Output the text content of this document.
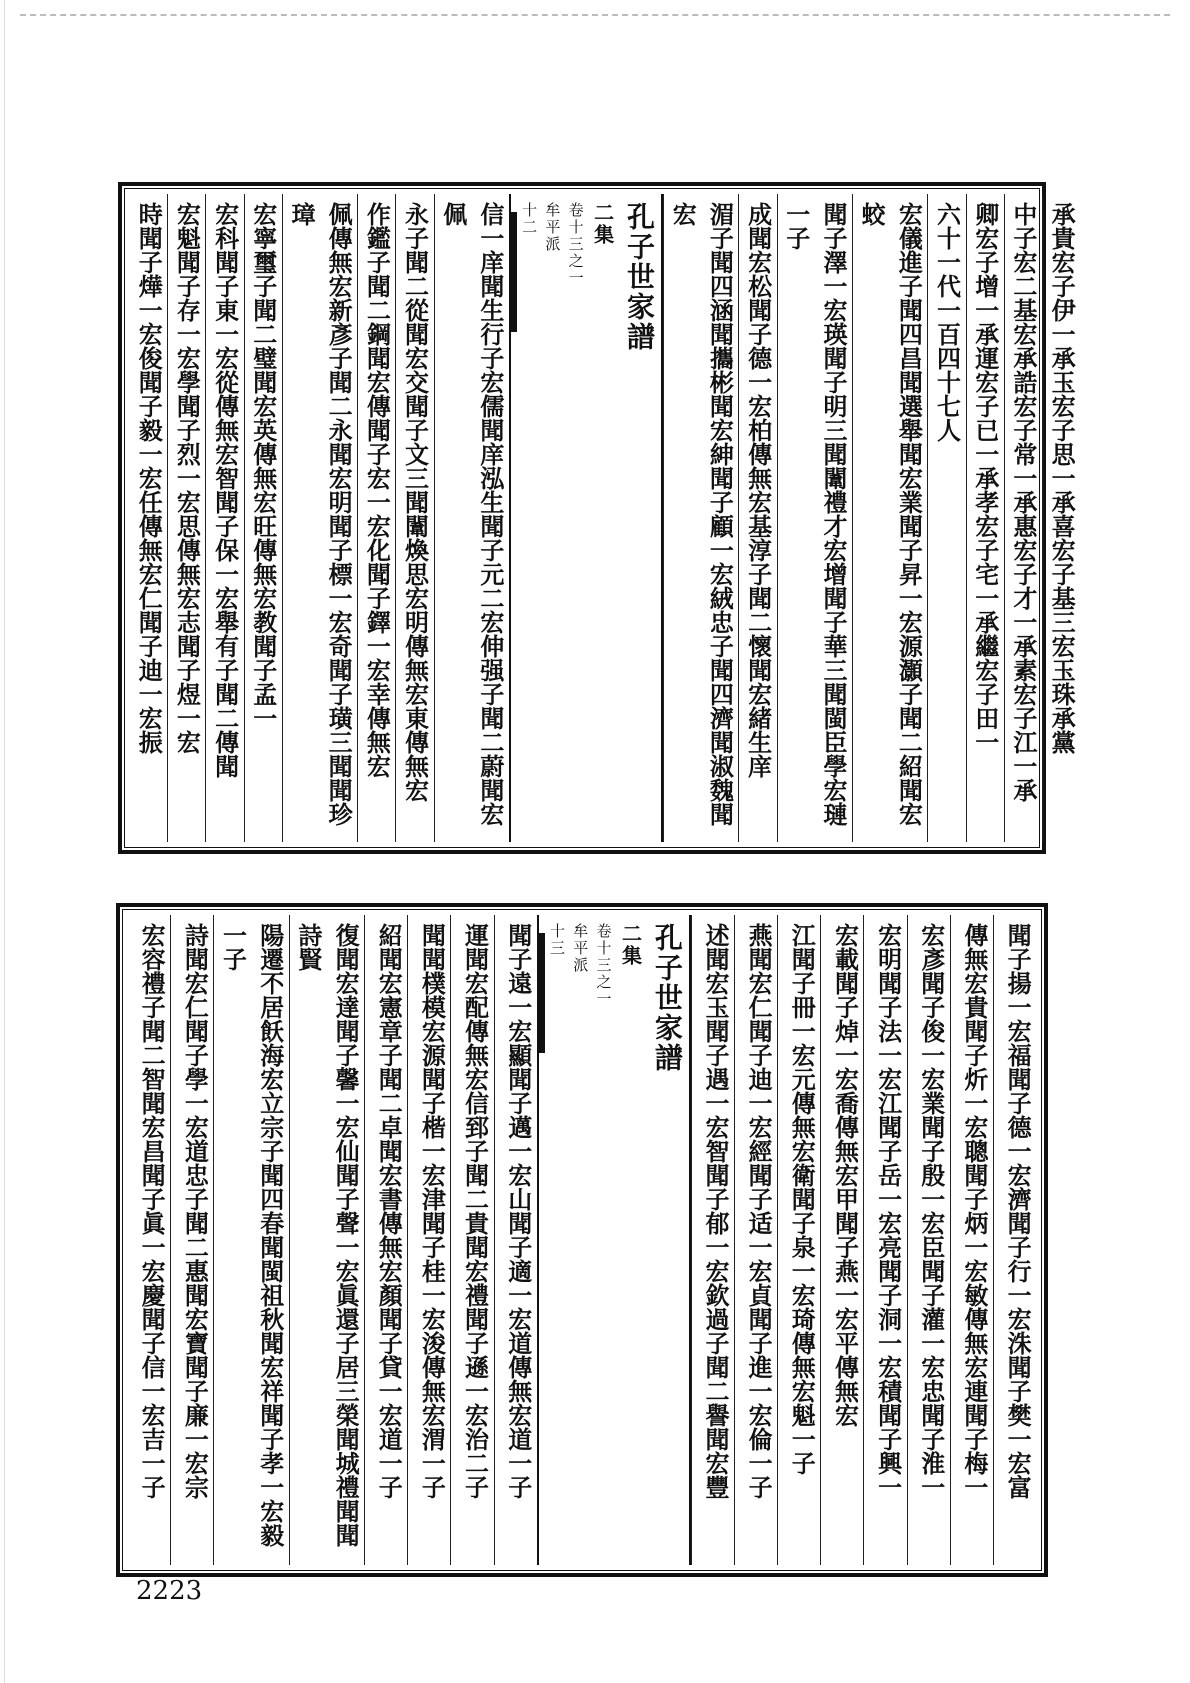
時聞子燁一宏俊聞子毅一宏任傳無宏仁聞子迪一宏振 宏魁聞子存一宏學聞子烈一宏思傳無宏志聞子煜一宏 宏科聞子東一宏從傳無宏智聞子保一宏舉有子聞二傳聞 宏寧璽子聞二璧聞宏英傳無宏旺傳無宏教聞子孟一	佩傳無宏新彥子聞二永聞宏明聞子標一宏奇聞子璜三聞聞珍璋	作鑑子聞二鋼聞宏傳聞子宏一宏化聞子鐸一宏幸傳無宏 永子聞二從聞宏交聞子文三聞闈煥思宏明傳無宏東傳無宏	信一庠聞生行子宏儒聞庠泓生聞子元二宏伸强子聞二蔚聞宏佩	孔子世家譜
二集
卷十三之一
牟平派
十二	湄子聞四涵聞攜彬聞宏紳聞子顧一宏絨忠子聞四濟聞淑魏聞宏	成聞宏松聞子德一宏柏傳無宏基淳子聞二懷聞宏緒生庠	聞子澤一宏瑛聞子明三聞闈禮才宏增聞子華三聞閩臣學宏璉一子	宏儀進子聞四昌聞選舉聞宏業聞子昇一宏源灝子聞二紹聞宏蛟	六十一代一百四十七人 卿宏子增一承運宏子已一承孝宏子宅一承繼宏子田一 中子宏二基宏承誥宏子常一承惠宏子才一承素宏子江一承 承貴宏子伊一承玉宏子思一承喜宏子基三宏玉珠承黨
宏容禮子聞二智聞宏昌聞子眞一宏慶聞子信一宏吉一子 詩聞宏仁聞子學一宏道忠子聞二惠聞宏寶聞子廉一宏宗	陽遷不居飫海宏立宗子聞四春聞閩祖秋聞宏祥聞子孝一宏毅一子	復聞宏達聞子馨一宏仙聞子聲一宏眞還子居三榮聞城禮聞聞詩賢	紹聞宏憲章子聞二卓聞宏書傳無宏顏聞子貸一宏道一子 聞聞樸模宏源聞子楷一宏津聞子桂一宏浚傳無宏渭一子 運聞宏配傳無宏信郅子聞二貴聞宏禮聞子遜一宏治二子 聞子遠一宏顯聞子邁一宏山聞子適一宏道傳無宏道一子	孔子世家譜
二集
卷十三之一
牟平派
十三	述聞宏玉聞子遇一宏智聞子郁一宏欽過子聞二譽聞宏豐 燕聞宏仁聞子迪一宏經聞子适一宏貞聞子進一宏倫一子 江聞子冊一宏元傳無宏衛聞子泉一宏琦傳無宏魁一子 宏載聞子焯一宏喬傳無宏甲聞子燕一宏平傳無宏 宏明聞子法一宏江聞子岳一宏亮聞子洞一宏積聞子興一 宏彥聞子俊一宏業聞子殷一宏臣聞子灌一宏忠聞子淮一 傳無宏貴聞子炘一宏聰聞子炳一宏敏傳無宏連聞子梅一 聞子揚一宏福聞子德一宏濟聞子行一宏洙聞子樊一宏富
2223
